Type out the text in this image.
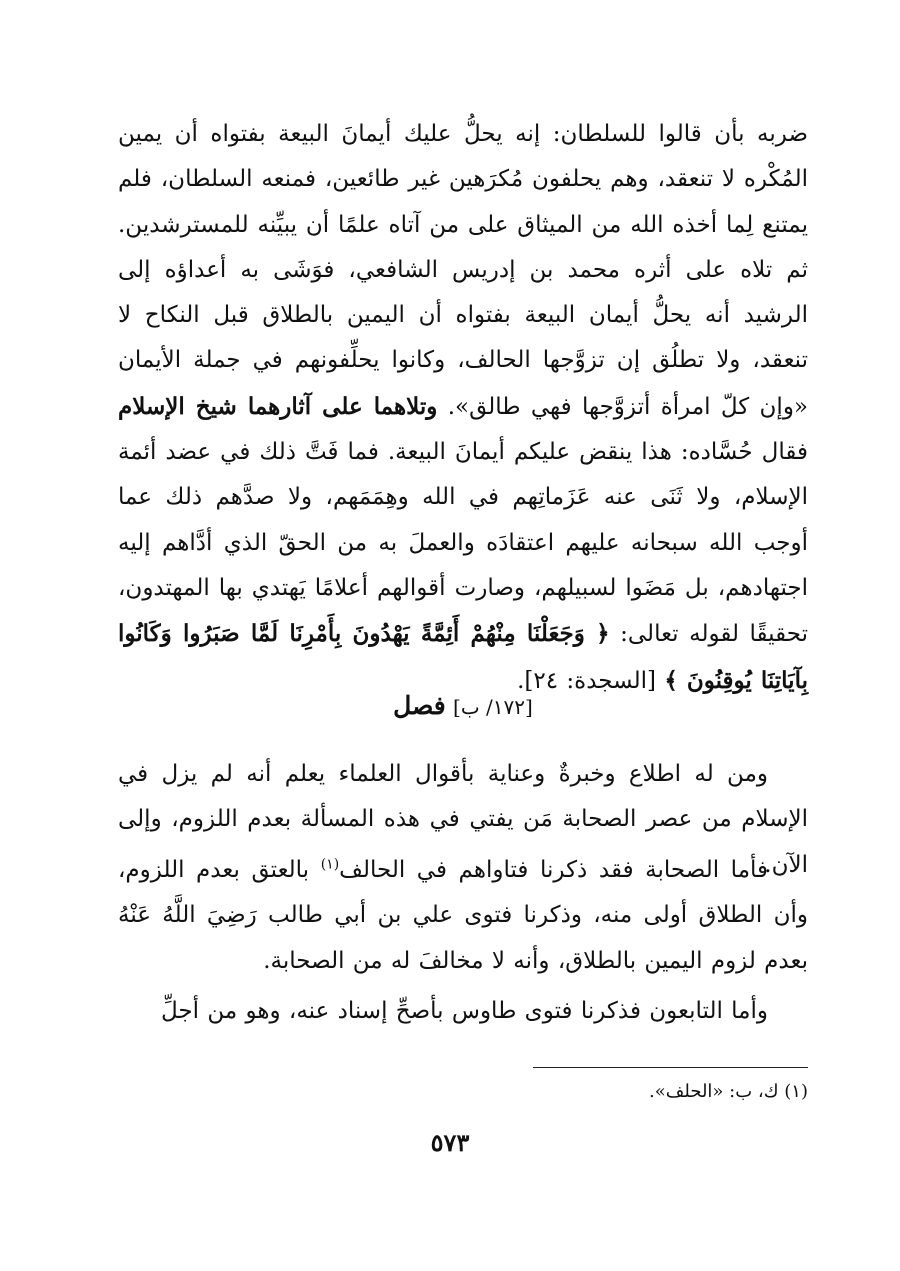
ضربه بأن قالوا للسلطان: إنه يحلُّ عليك أيمانَ البيعة بفتواه أن يمين المُكْره لا تنعقد، وهم يحلفون مُكرَهين غير طائعين، فمنعه السلطان، فلم يمتنع لِما أخذه الله من الميثاق على من آتاه علمًا أن يبيِّنه للمسترشدين. ثم تلاه على أثره محمد بن إدريس الشافعي، فوَشَى به أعداؤه إلى الرشيد أنه يحلُّ أيمان البيعة بفتواه أن اليمين بالطلاق قبل النكاح لا تنعقد، ولا تطلُق إن تزوَّجها الحالف، وكانوا يحلِّفونهم في جملة الأيمان «وإن كلّ امرأة أتزوَّجها فهي طالق». وتلاهما على آثارهما شيخ الإسلام فقال حُسَّاده: هذا ينقض عليكم أيمانَ البيعة. فما فَتَّ ذلك في عضد أئمة الإسلام، ولا ثَنَى عنه عَزَماتِهم في الله وهِمَمَهم، ولا صدَّهم ذلك عما أوجب الله سبحانه عليهم اعتقادَه والعملَ به من الحقّ الذي أدَّاهم إليه اجتهادهم، بل مَضَوا لسبيلهم، وصارت أقوالهم أعلامًا يَهتدي بها المهتدون، تحقيقًا لقوله تعالى: ﴿ وَجَعَلْنَا مِنْهُمْ أَئِمَّةً يَهْدُونَ بِأَمْرِنَا لَمَّا صَبَرُوا وَكَانُوا بِآيَاتِنَا يُوقِنُونَ ﴾ [السجدة: ٢٤].
[١٧٢/ ب] فصل
ومن له اطلاع وخبرةٌ وعناية بأقوال العلماء يعلم أنه لم يزل في الإسلام من عصر الصحابة مَن يفتي في هذه المسألة بعدم اللزوم، وإلى الآن.
فأما الصحابة فقد ذكرنا فتاواهم في الحالف$^{(١)}$ بالعتق بعدم اللزوم، وأن الطلاق أولى منه، وذكرنا فتوى علي بن أبي طالب رَضِيَ اللَّهُ عَنْهُ بعدم لزوم اليمين بالطلاق، وأنه لا مخالفَ له من الصحابة.
وأما التابعون فذكرنا فتوى طاوس بأصحِّ إسناد عنه، وهو من أجلِّ
(١) ك، ب: «الحلف».
٥٧٣
